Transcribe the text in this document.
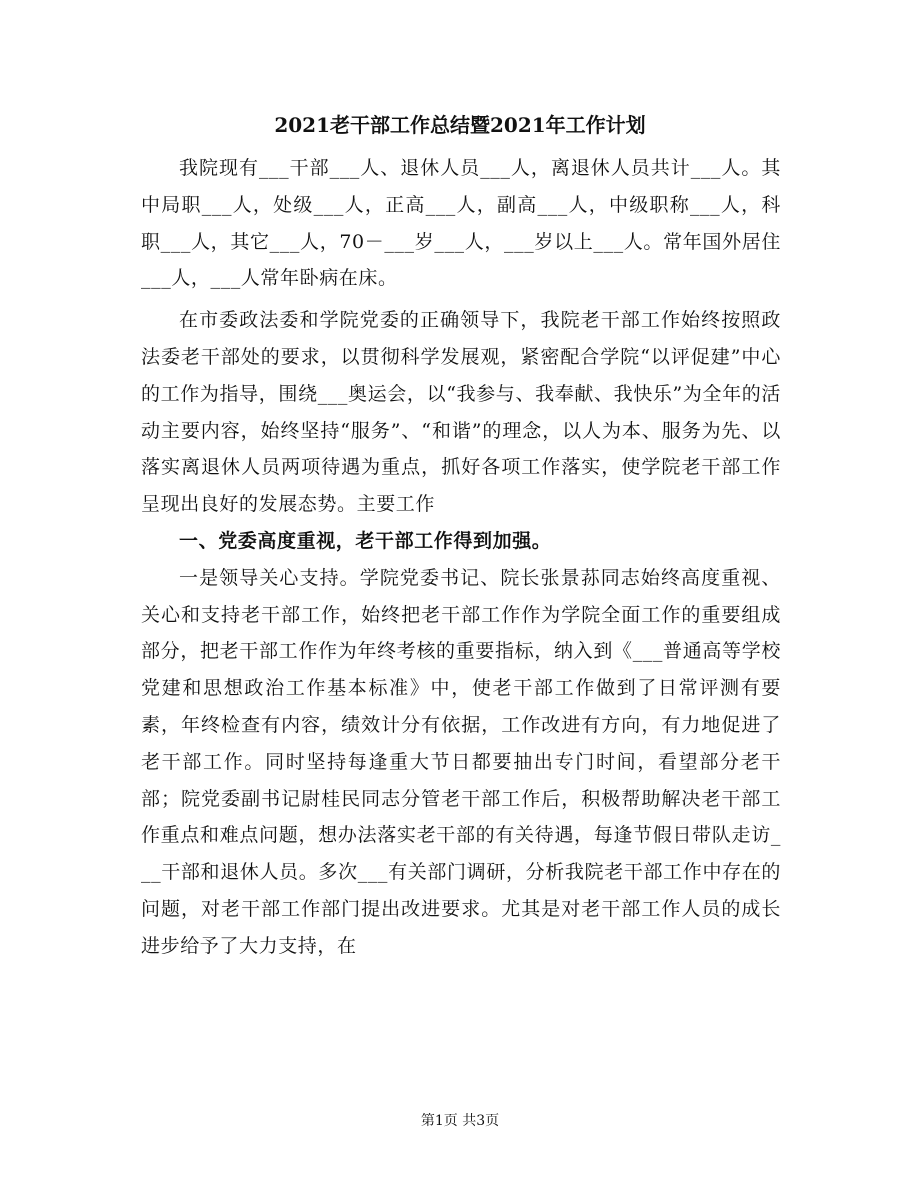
2021老干部工作总结暨2021年工作计划

我院现有___干部___人、退休人员___人，离退休人员共计___人。其中局职___人，处级___人，正高___人，副高___人，中级职称___人，科职___人，其它___人，70－___岁___人，___岁以上___人。常年国外居住___人，___人常年卧病在床。

在市委政法委和学院党委的正确领导下，我院老干部工作始终按照政法委老干部处的要求，以贯彻科学发展观，紧密配合学院“以评促建”中心的工作为指导，围绕___奥运会，以“我参与、我奉献、我快乐”为全年的活动主要内容，始终坚持“服务”、“和谐”的理念，以人为本、服务为先、以落实离退休人员两项待遇为重点，抓好各项工作落实，使学院老干部工作呈现出良好的发展态势。主要工作

一、党委高度重视，老干部工作得到加强。

一是领导关心支持。学院党委书记、院长张景荪同志始终高度重视、关心和支持老干部工作，始终把老干部工作作为学院全面工作的重要组成部分，把老干部工作作为年终考核的重要指标，纳入到《___普通高等学校党建和思想政治工作基本标准》中，使老干部工作做到了日常评测有要素，年终检查有内容，绩效计分有依据，工作改进有方向，有力地促进了老干部工作。同时坚持每逢重大节日都要抽出专门时间，看望部分老干部；院党委副书记尉桂民同志分管老干部工作后，积极帮助解决老干部工作重点和难点问题，想办法落实老干部的有关待遇，每逢节假日带队走访___干部和退休人员。多次___有关部门调研，分析我院老干部工作中存在的问题，对老干部工作部门提出改进要求。尤其是对老干部工作人员的成长进步给予了大力支持，在

第1页 共3页
